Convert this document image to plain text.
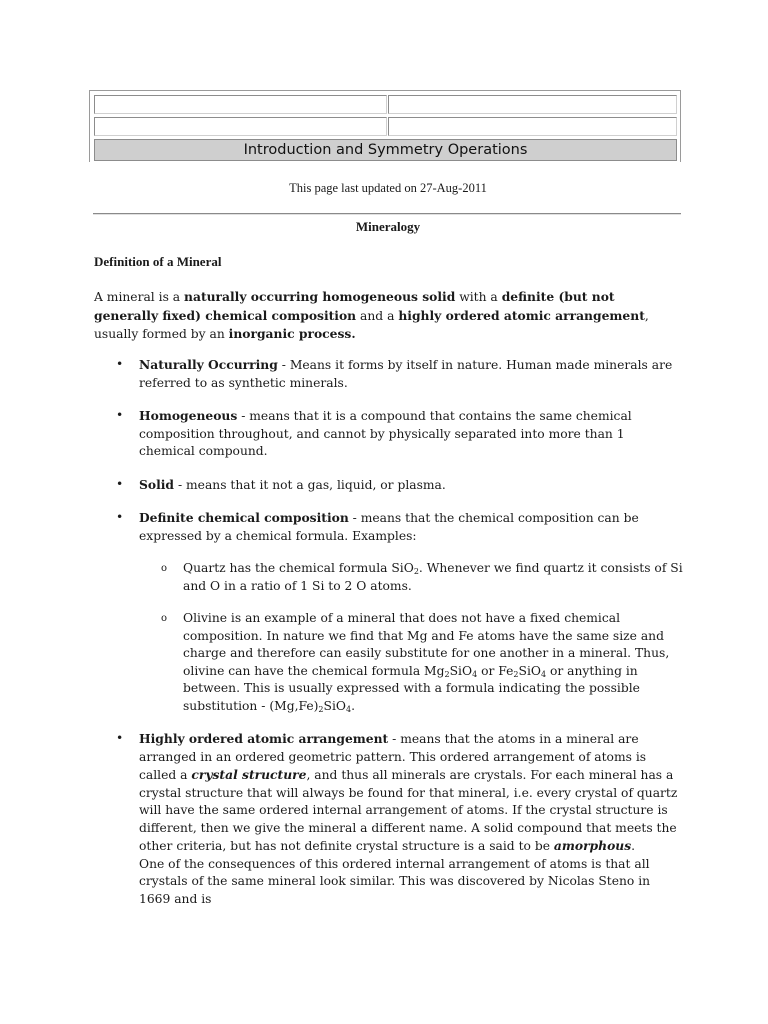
Introduction and Symmetry Operations
This page last updated on 27-Aug-2011
Mineralogy
Definition of a Mineral

A mineral is a naturally occurring homogeneous solid with a definite (but not generally fixed) chemical composition and a highly ordered atomic arrangement, usually formed by an inorganic process.

• Naturally Occurring - Means it forms by itself in nature. Human made minerals are referred to as synthetic minerals.
• Homogeneous - means that it is a compound that contains the same chemical composition throughout, and cannot by physically separated into more than 1 chemical compound.
• Solid - means that it not a gas, liquid, or plasma.
• Definite chemical composition - means that the chemical composition can be expressed by a chemical formula. Examples:
o Quartz has the chemical formula SiO$_2$. Whenever we find quartz it consists of Si and O in a ratio of 1 Si to 2 O atoms.
o Olivine is an example of a mineral that does not have a fixed chemical composition. In nature we find that Mg and Fe atoms have the same size and charge and therefore can easily substitute for one another in a mineral. Thus, olivine can have the chemical formula $Mg_2SiO_4$ or $Fe_2SiO_4$ or anything in between. This is usually expressed with a formula indicating the possible substitution - $(Mg,Fe)_2SiO_4$.
• Highly ordered atomic arrangement - means that the atoms in a mineral are arranged in an ordered geometric pattern. This ordered arrangement of atoms is called a crystal structure, and thus all minerals are crystals. For each mineral has a crystal structure that will always be found for that mineral, i.e. every crystal of quartz will have the same ordered internal arrangement of atoms. If the crystal structure is different, then we give the mineral a different name. A solid compound that meets the other criteria, but has not definite crystal structure is a said to be amorphous.
One of the consequences of this ordered internal arrangement of atoms is that all crystals of the same mineral look similar. This was discovered by Nicolas Steno in 1669 and is
